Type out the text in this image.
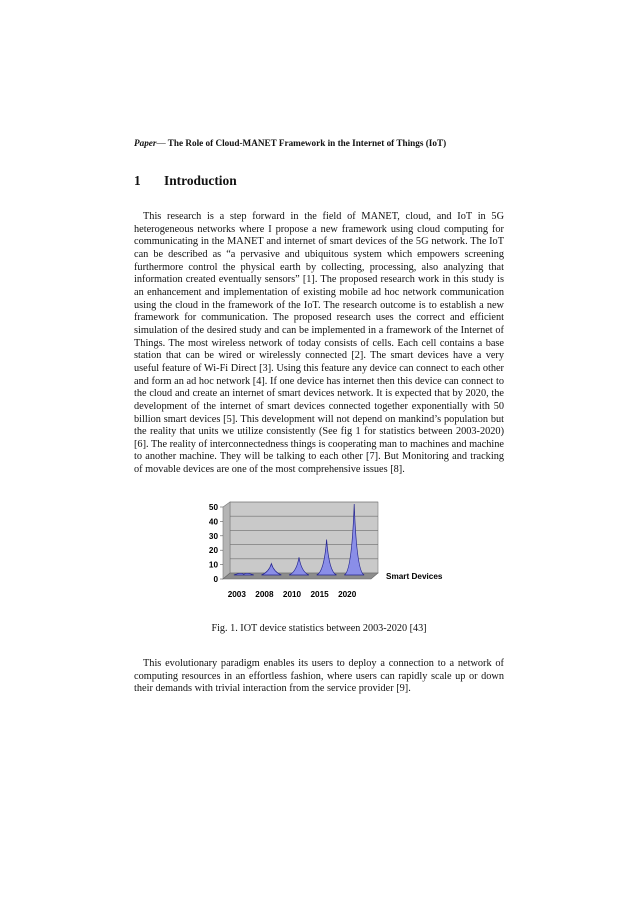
Paper— The Role of Cloud-MANET Framework in the Internet of Things (IoT)
1 Introduction
This research is a step forward in the field of MANET, cloud, and IoT in 5G heterogeneous networks where I propose a new framework using cloud computing for communicating in the MANET and internet of smart devices of the 5G network. The IoT can be described as “a pervasive and ubiquitous system which empowers screening furthermore control the physical earth by collecting, processing, also analyzing that information created eventually sensors” [1]. The proposed research work in this study is an enhancement and implementation of existing mobile ad hoc network communication using the cloud in the framework of the IoT. The research outcome is to establish a new framework for communication. The proposed research uses the correct and efficient simulation of the desired study and can be implemented in a framework of the Internet of Things. The most wireless network of today consists of cells. Each cell contains a base station that can be wired or wirelessly connected [2]. The smart devices have a very useful feature of Wi-Fi Direct [3]. Using this feature any device can connect to each other and form an ad hoc network [4]. If one device has internet then this device can connect to the cloud and create an internet of smart devices network. It is expected that by 2020, the development of the internet of smart devices connected together exponentially with 50 billion smart devices [5]. This development will not depend on mankind’s population but the reality that units we utilize consistently (See fig 1 for statistics between 2003-2020) [6]. The reality of interconnectedness things is cooperating man to machines and machine to another machine. They will be talking to each other [7]. But Monitoring and tracking of movable devices are one of the most comprehensive issues [8].
0
10
20
30
40
50
2003 2008 2010 2015 2020
Smart Devices
Fig. 1. IOT device statistics between 2003-2020 [43]
This evolutionary paradigm enables its users to deploy a connection to a network of computing resources in an effortless fashion, where users can rapidly scale up or down their demands with trivial interaction from the service provider [9].
